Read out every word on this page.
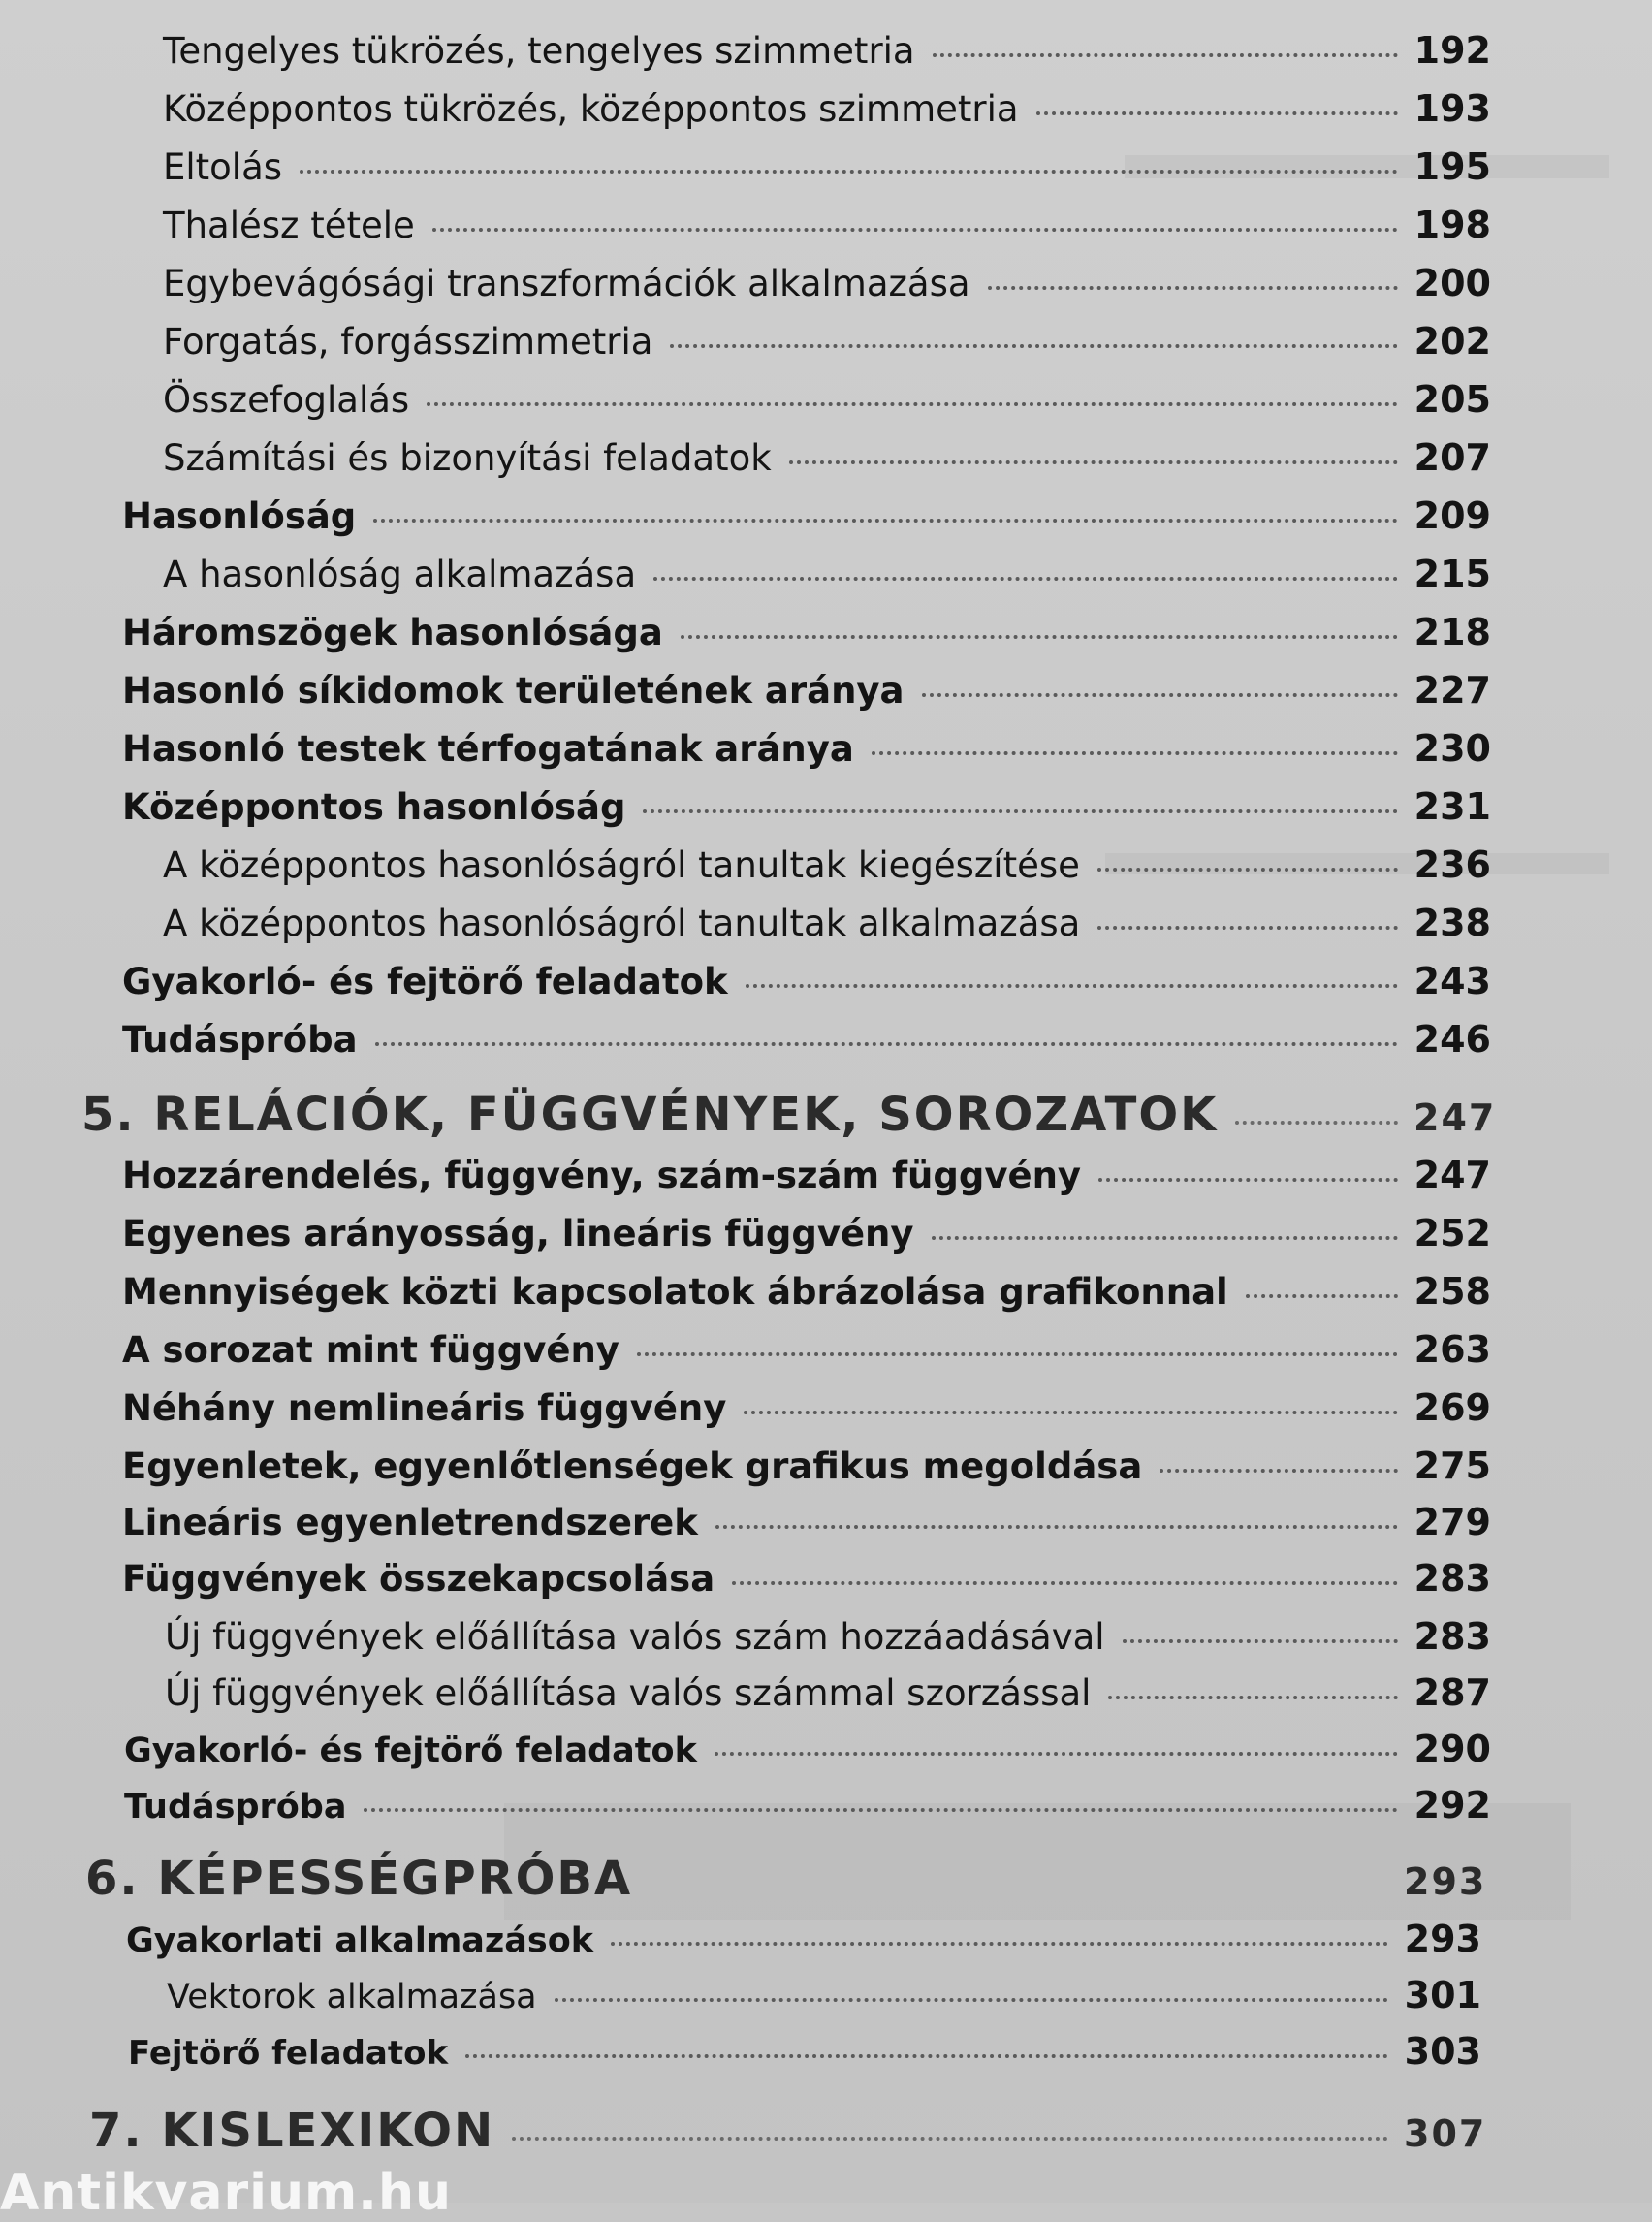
Tengelyes tükrözés, tengelyes szimmetria	192
Középpontos tükrözés, középpontos szimmetria	193
Eltolás	195
Thalész tétele	198
Egybevágósági transzformációk alkalmazása	200
Forgatás, forgásszimmetria	202
Összefoglalás	205
Számítási és bizonyítási feladatok	207
Hasonlóság	209
A hasonlóság alkalmazása	215
Háromszögek hasonlósága	218
Hasonló síkidomok területének aránya	227
Hasonló testek térfogatának aránya	230
Középpontos hasonlóság	231
A középpontos hasonlóságról tanultak kiegészítése	236
A középpontos hasonlóságról tanultak alkalmazása	238
Gyakorló- és fejtörő feladatok	243
Tudáspróba	246
5. RELÁCIÓK, FÜGGVÉNYEK, SOROZATOK	247
Hozzárendelés, függvény, szám-szám függvény	247
Egyenes arányosság, lineáris függvény	252
Mennyiségek közti kapcsolatok ábrázolása grafikonnal	258
A sorozat mint függvény	263
Néhány nemlineáris függvény	269
Egyenletek, egyenlőtlenségek grafikus megoldása	275
Lineáris egyenletrendszerek	279
Függvények összekapcsolása	283
Új függvények előállítása valós szám hozzáadásával	283
Új függvények előállítása valós számmal szorzással	287
Gyakorló- és fejtörő feladatok	290
Tudáspróba	292
6. KÉPESSÉGPRÓBA	293
Gyakorlati alkalmazások	293
Vektorok alkalmazása	301
Fejtörő feladatok	303
7. KISLEXIKON	307
Antikvarium.hu
